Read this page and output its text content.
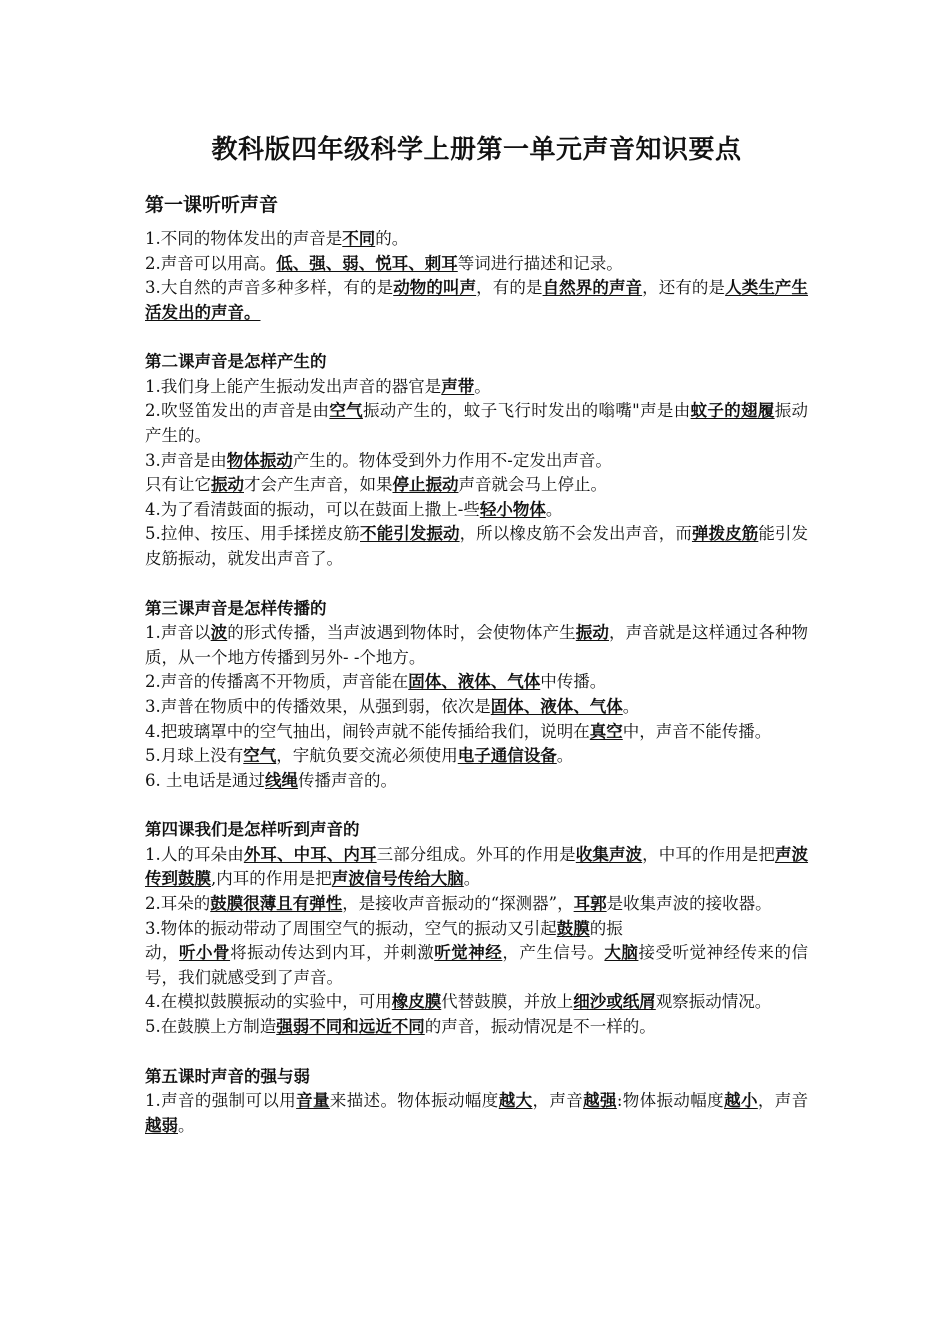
教科版四年级科学上册第一单元声音知识要点
第一课听听声音

1.不同的物体发出的声音是不同的。

2.声音可以用高。低、强、弱、悦耳、刺耳等词进行描述和记录。

3.大自然的声音多种多样，有的是动物的叫声，有的是自然界的声音，还有的是人类生产生活发出的声音。

第二课声音是怎样产生的

1.我们身上能产生振动发出声音的器官是声带。

2.吹竖笛发出的声音是由空气振动产生的，蚊子飞行时发出的嗡嘴"声是由蚊子的翅履振动产生的。

3.声音是由物体振动产生的。物体受到外力作用不-定发出声音。

只有让它振动才会产生声音，如果停止振动声音就会马上停止。

4.为了看清鼓面的振动，可以在鼓面上撒上-些轻小物体。

5.拉伸、按压、用手揉搓皮筋不能引发振动，所以橡皮筋不会发出声音，而弹拨皮筋能引发皮筋振动，就发出声音了。

第三课声音是怎样传播的

1.声音以波的形式传播，当声波遇到物体时，会使物体产生振动，声音就是这样通过各种物质，从一个地方传播到另外- -个地方。

2.声音的传播离不开物质，声音能在固体、液体、气体中传播。

3.声普在物质中的传播效果，从强到弱，依次是固体、液体、气体。

4.把玻璃罩中的空气抽出，闹铃声就不能传插给我们，说明在真空中，声音不能传播。

5.月球上没有空气，宇航负要交流必须使用电子通信设备。

6. 土电话是通过线绳传播声音的。

第四课我们是怎样听到声音的

1.人的耳朵由外耳、中耳、内耳三部分组成。外耳的作用是收集声波，中耳的作用是把声波传到鼓膜,内耳的作用是把声波信号传给大脑。

2.耳朵的鼓膜很薄且有弹性，是接收声音振动的“探测器”，耳郭是收集声波的接收器。

3.物体的振动带动了周围空气的振动，空气的振动又引起鼓膜的振

动，听小骨将振动传达到内耳，并刺激听觉神经，产生信号。大脑接受听觉神经传来的信号，我们就感受到了声音。

4.在模拟鼓膜振动的实验中，可用橡皮膜代替鼓膜，并放上细沙或纸屑观察振动情况。

5.在鼓膜上方制造强弱不同和远近不同的声音，振动情况是不一样的。

第五课时声音的强与弱

1.声音的强制可以用音量来描述。物体振动幅度越大，声音越强:物体振动幅度越小，声音越弱。
